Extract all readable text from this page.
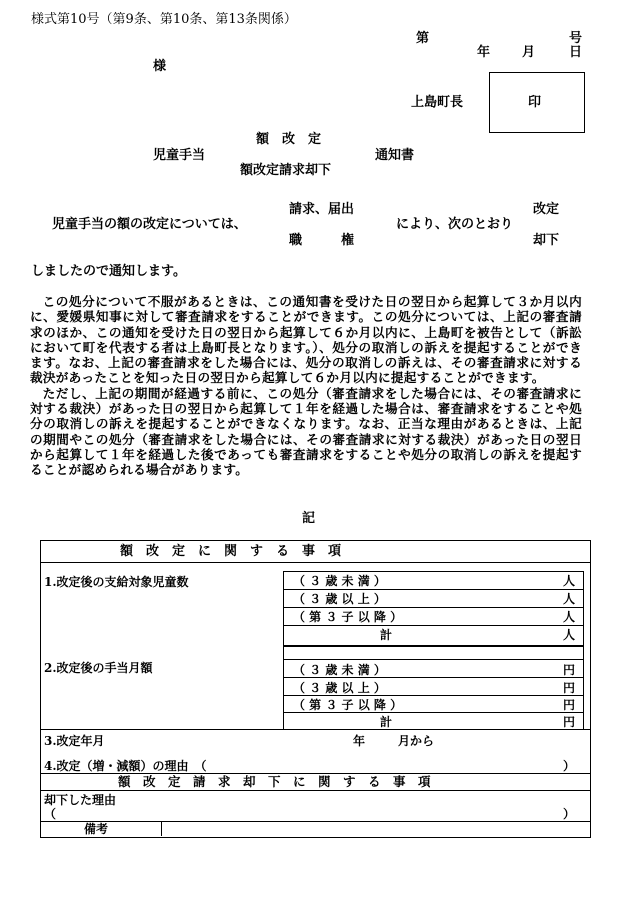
様式第10号（第9条、第10条、第13条関係）
第	号
年 月	日
様
上島町長	印
額　改　定
児童手当	通知書
額改定請求却下
請求、届出	改定
児童手当の額の改定については、	により、次のとおり
職　　　権	却下
しましたので通知します。

この処分について不服があるときは、この通知書を受けた日の翌日から起算して３か月以内に、愛媛県知事に対して審査請求をすることができます。この処分については、上記の審査請求のほか、この通知を受けた日の翌日から起算して６か月以内に、上島町を被告として（訴訟において町を代表する者は上島町長となります。）、処分の取消しの訴えを提起することができます。なお、上記の審査請求をした場合には、処分の取消しの訴えは、その審査請求に対する裁決があったことを知った日の翌日から起算して６か月以内に提起することができます。

ただし、上記の期間が経過する前に、この処分（審査請求をした場合には、その審査請求に対する裁決）があった日の翌日から起算して１年を経過した場合は、審査請求をすることや処分の取消しの訴えを提起することができなくなります。なお、正当な理由があるときは、上記の期間やこの処分（審査請求をした場合には、その審査請求に対する裁決）があった日の翌日から起算して１年を経過した後であっても審査請求をすることや処分の取消しの訴えを提起することが認められる場合があります。

記
額　改　定　に　関　す　る　事　項
1.改定後の支給対象児童数	（ ３ 歳 未 満 ）	人
（ ３ 歳 以 上 ）	人
（ 第 ３ 子 以 降 ）	人
計	人
2.改定後の手当月額	（ ３ 歳 未 満 ）	円
（ ３ 歳 以 上 ）	円
（ 第 ３ 子 以 降 ）	円
計	円
3.改定年月	年	月から
4.改定（増・減額）の理由　（	）
額　改　定　請　求　却　下　に　関　す　る　事　項
却下した理由
（	）
備考
